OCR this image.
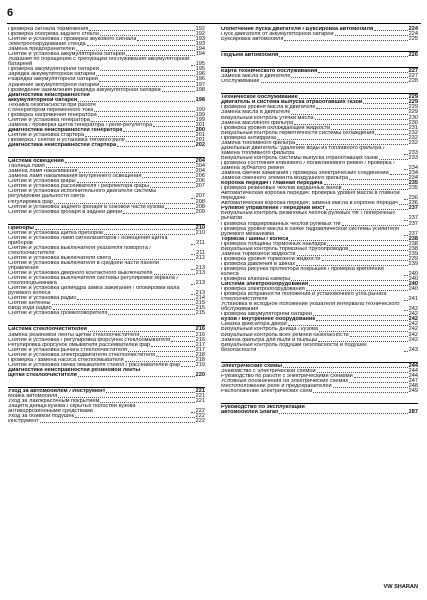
6
Проверка сигнала торможения	192
Проверка обогрева заднего стекла	192
Снятие и установка / проверка звукового сигнала	193
Электрооборудование стенда	193
Замена предохранителей	194
Снятие и установка аккумуляторной батареи	194
Указания по обращению с требующей обслуживания аккумуляторной батареей	195
Проверка аккумуляторной батареи	195
Зарядка аккумуляторной батареи	196
Разрядка аккумуляторной батареи	196
Хранение аккумуляторной батареи	197
Проведение заземления разряда аккумуляторной батареи	198
Диагностика неисправностей
аккумуляторной батареи	198
Техника безопасности при работе
с генератором переменного тока	199
Проверка напряжения генератора	199
Снятие и установка генератора	199
Замена / проверка щеток генератора / реле-регулятора	201
Диагностика неисправностей генератора	200
Снятие и установка стартера	201
Проверка / снятие и установка тягового реле	201
Диагностика неисправностей стартера	202
Система освещения	204
Таблица ламп	204
Замена ламп накаливания	204
Замена ламп накаливания внутреннего освещения	206
Снятие и установка фары	206
Снятие и установка рассеивателя / рефлектора фары	207
Снятие и установка исполнительного двигателя системы регулировки дальности света	207
Регулировка фар	208
Снятие и установка заднего фонаря в боковой части кузова	208
Снятие и установка фонаря в задней двери	209
Приборы	210
Снятие и установка щитка приборов	210
Снятие и установка ламп сигнализаторов / освещения щитка приборов	211
Снятие и установка выключателя указателя поворота / стеклоочистителя	211
Снятие и установка выключателя света	212
Снятие и установка выключателя в средней части панели управления	213
Снятие и установка дверного контактного выключателя	213
Снятие и установка выключателя системы регулировки зеркала / стеклоподъемника	213
Снятие и установка цилиндра замка зажигания / блокировки вала рулевого колеса	213
Снятие и установка радио	214
Снятие антенны	215
Ввод кода радио	215
Снятие и установка громкоговорителя	215
Система стеклоочистителей	216
Замена резиновой ленты щетки стеклоочистителя	216
Снятие и установка / регулировка форсунок стеклоомывателя	216
Регулировка форсунок омывателя рассеивателей фар	217
Снятие и установка рычага стеклоочистителя	217
Снятие и установка электродвигателя стеклоочистителя	218
Проверка / замена насоса стеклоомывателя	218
Снятие и установка бачка омывателя стекол / рассеивателей фар	219
Диагностика неисправностей резиновой ленты
щетки стеклоочистителя	220
Уход за автомобилем / Инструмент	221
Мойка автомобиля	221
Уход за лакокрасочным покрытием	221
Защита днища кузова / скрытых полостей кузова антикоррозионными средствами	222
Уход за обивкой подушек	222
Инструмент	222
Облегчение пуска двигателя / Буксировка автомобиля	224
Пуск двигателя от аккумуляторной батареи	224
Буксировка автомобиля	225
Подъем автомобиля	226
Карта технического обслуживания	227
Замена масла в двигателе	227
Обслуживание	228
Техническое обслуживание	229
Двигатель и система выпуска отработавших газов	229
Проверка уровня масла в двигателе	229
Замена масла в двигателе	229
Визуальный контроль утечки масла	230
Замена масляного фильтра	230
Проверка уровня охлаждающей жидкости	231
Визуальный контроль герметичности системы охлаждения	232
Проверка антифриза	232
Замена топливного фильтра	232
Дизельный двигатель: удаление воды из топливного фильтра / замена топливного фильтра	233
Визуальный контроль системы выпуска отработавших газов	233
Проверка состояния клинового / поликлинового ремня / проверка / замена зубчатого ремня	234
Замена свечей зажигания / проверка электрических соединений	234
Замена сменного элемента воздушного фильтра	234
Коробка передач / главная передача	235
Проверка резиновых чехлов карданных валов	235
Автоматическая коробка передач: проверка уровня масла в главной передаче	236
Автоматическая коробка передач: замена масла в коробке передач 236
Рулевое управление / передний мост	237
Визуальный контроль резиновых чехлов рулевых тяг / поперечных рычагов	237
Проверка гофрированных чехлов рулевых тяг	237
Проверка уровня масла в бачке гидравлической системы усилителя рулевого механизма	237
Тормоза / шины / колеса	238
Проверка толщины тормозных накладок	238
Визуальный контроль тормозных трубопроводов	238
Замена тормозной жидкости	239
Проверка уровня тормозной жидкости	239
Проверка давления в шинах	239
Проверка рисунка протектора покрышек / проверка крепления колеса	240
Проверка клапана камеры	240
Система электрооборудования	240
Проверка электрооборудования	240
Проверка исправности положения и установочного угла рычага стеклоочистителя	241
Установка в исходное положение указателя интервала технического обслуживания	242
Проверка аккумуляторной батареи	242
Кузов / внутреннее оборудование	242
Смазка фиксатора двери	242
Визуальный контроль днища / кузова	242
Визуальный контроль всех ремней безопасности	242
Замена фильтра для пыли и пыльцы	242
Визуальный контроль подушки безопасности и подушек безопасности	243
Электрические схемы	244
Знакомство с электрической схемой	244
Руководство по работе с электрическими схемами	244
Условные обозначения на электрических схемах	247
Местоположение реле и предохранителей	248
Расположение электрических схем	249
Руководство по эксплуатации
автомобилей Sharan	287
VW SHARAN
